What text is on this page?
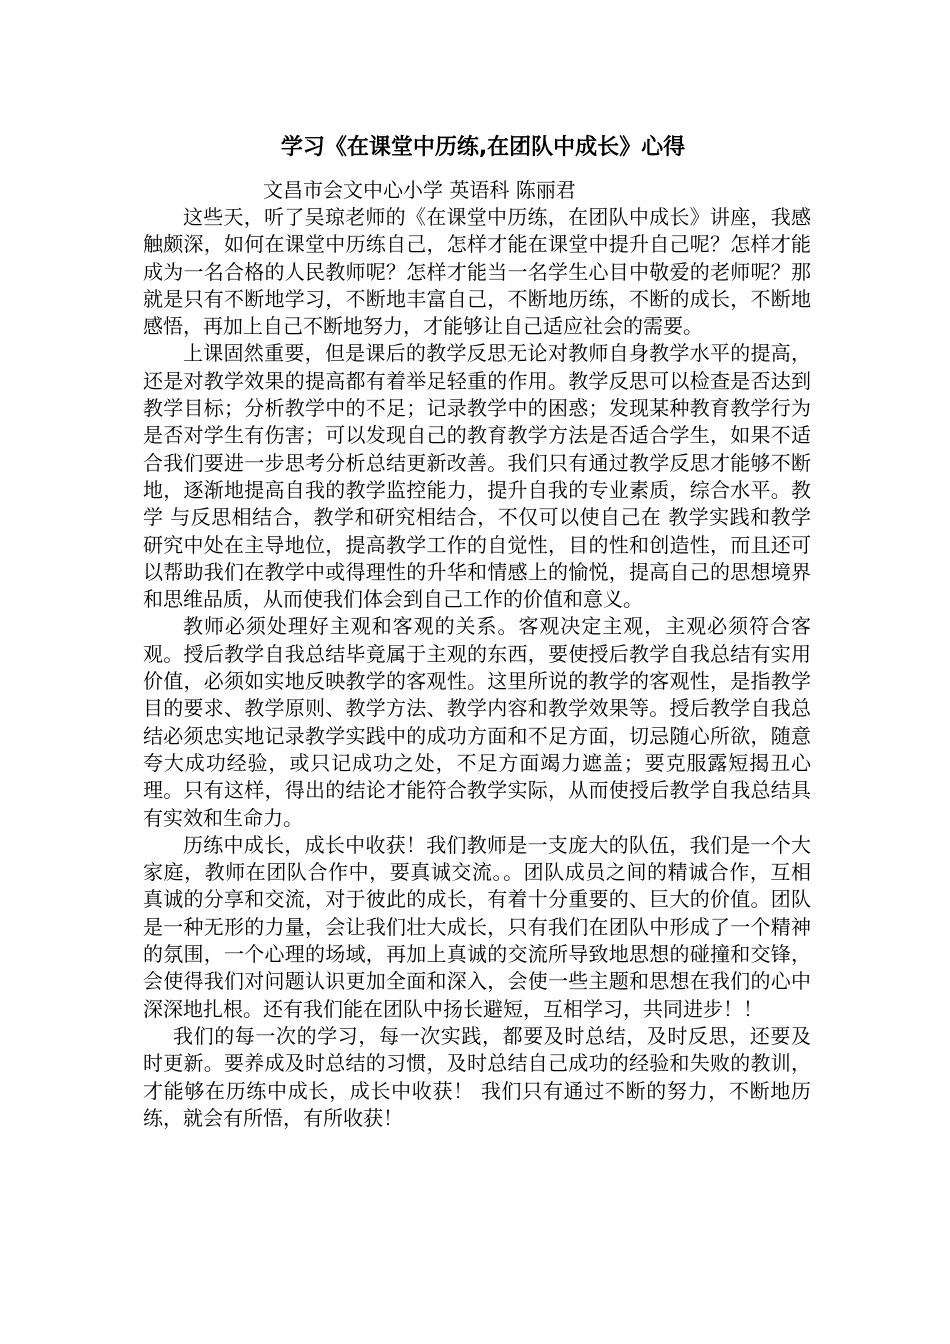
学习《在课堂中历练,在团队中成长》心得

文昌市会文中心小学 英语科 陈丽君

这些天，听了吴琼老师的《在课堂中历练，在团队中成长》讲座，我感触颇深，如何在课堂中历练自己，怎样才能在课堂中提升自己呢？怎样才能成为一名合格的人民教师呢？怎样才能当一名学生心目中敬爱的老师呢？那就是只有不断地学习，不断地丰富自己，不断地历练，不断的成长，不断地感悟，再加上自己不断地努力，才能够让自己适应社会的需要。

上课固然重要，但是课后的教学反思无论对教师自身教学水平的提高，还是对教学效果的提高都有着举足轻重的作用。教学反思可以检查是否达到教学目标；分析教学中的不足；记录教学中的困惑；发现某种教育教学行为是否对学生有伤害；可以发现自己的教育教学方法是否适合学生，如果不适合我们要进一步思考分析总结更新改善。我们只有通过教学反思才能够不断地，逐渐地提高自我的教学监控能力，提升自我的专业素质，综合水平。教学 与反思相结合，教学和研究相结合，不仅可以使自己在 教学实践和教学研究中处在主导地位，提高教学工作的自觉性，目的性和创造性，而且还可以帮助我们在教学中或得理性的升华和情感上的愉悦，提高自己的思想境界和思维品质，从而使我们体会到自己工作的价值和意义。

教师必须处理好主观和客观的关系。客观决定主观，主观必须符合客观。授后教学自我总结毕竟属于主观的东西，要使授后教学自我总结有实用价值，必须如实地反映教学的客观性。这里所说的教学的客观性，是指教学目的要求、教学原则、教学方法、教学内容和教学效果等。授后教学自我总结必须忠实地记录教学实践中的成功方面和不足方面，切忌随心所欲，随意夸大成功经验，或只记成功之处，不足方面竭力遮盖；要克服露短揭丑心理。只有这样，得出的结论才能符合教学实际，从而使授后教学自我总结具有实效和生命力。

历练中成长，成长中收获！我们教师是一支庞大的队伍，我们是一个大家庭，教师在团队合作中，要真诚交流。。团队成员之间的精诚合作，互相真诚的分享和交流，对于彼此的成长，有着十分重要的、巨大的价值。团队是一种无形的力量，会让我们壮大成长，只有我们在团队中形成了一个精神的氛围，一个心理的场域，再加上真诚的交流所导致地思想的碰撞和交锋，会使得我们对问题认识更加全面和深入，会使一些主题和思想在我们的心中深深地扎根。还有我们能在团队中扬长避短，互相学习，共同进步！！

我们的每一次的学习，每一次实践，都要及时总结，及时反思，还要及时更新。要养成及时总结的习惯，及时总结自己成功的经验和失败的教训，才能够在历练中成长，成长中收获！ 我们只有通过不断的努力，不断地历练，就会有所悟，有所收获！
